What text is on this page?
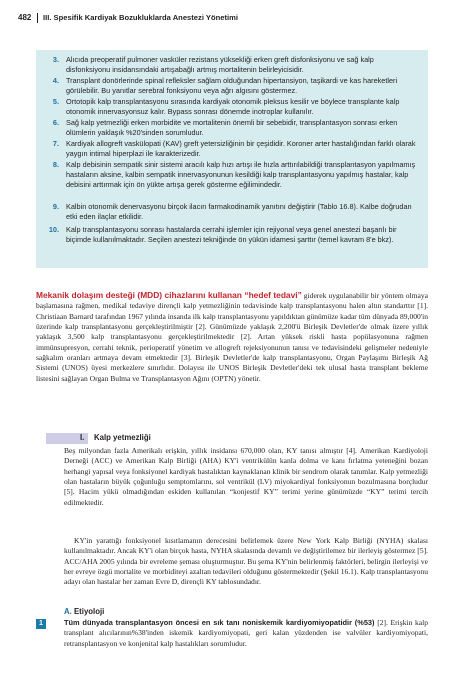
482 III. Spesifik Kardiyak Bozukluklarda Anestezi Yönetimi
3. Alıcıda preoperatif pulmoner vasküler rezistans yüksekliği erken greft disfonksiyonu ve sağ kalp disfonksiyonu insidansındaki artışabağlı artmış mortalitenin belirleyicisidir.
4. Transplant donörlerinde spinal refleksler sağlam olduğundan hipertansiyon, taşikardi ve kas hareketleri görülebilir. Bu yanıtlar serebral fonksiyonu veya ağrı algısını göstermez.
5. Ortotopik kalp transplantasyonu sırasında kardiyak otonomik pleksus kesilir ve böylece transplante kalp otonomik innervasyonsuz kalır. Bypass sonrası dönemde inotroplar kullanılır.
6. Sağ kalp yetmezliği erken morbidite ve mortalitenin önemli bir sebebidir, transplantasyon sonrası erken ölümlerin yaklaşık %20'sinden sorumludur.
7. Kardiyak allogreft vaskülopati (KAV) greft yetersizliğinin bir çeşididir. Koroner arter hastalığından farklı olarak yaygın intimal hiperplazi ile karakterizedir.
8. Kalp debisinin sempatik sinir sistemi aracılı kalp hızı artışı ile hızla arttırılabildiği transplantasyon yapılmamış hastaların aksine, kalbin sempatik innervasyonunun kesildiği kalp transplantasyonu yapılmış hastalar, kalp debisini arttırmak için ön yükte artışa gerek gösterme eğilimindedir.
9. Kalbin otonomik denervasyonu birçok ilacın farmakodinamik yanıtını değiştirir (Tablo 16.8). Kalbe doğrudan etki eden ilaçlar etkilidir.
10. Kalp transplantasyonu sonrası hastalarda cerrahi işlemler için rejiyonal veya genel anestezi başarılı bir biçimde kullanılmaktadır. Seçilen anestezi tekniğinde ön yükün idamesi şarttır (temel kavram 8'e bkz).

Mekanik dolaşım desteği (MDD) cihazlarını kullanan “hedef tedavi” giderek uygulanabilir bir yöntem olmaya başlamasına rağmen, medikal tedaviye dirençli kalp yetmezliğinin tedavisinde kalp transplantasyonu halen altın standarttır [1]. Christiaan Barnard tarafından 1967 yılında insanda ilk kalp transplantasyonu yapıldıktan günümüze kadar tüm dünyada 89,000'in üzerinde kalp transplantasyonu gerçekleştirilmiştir [2]. Günümüzde yaklaşık 2,200'ü Birleşik Devletler'de olmak üzere yıllık yaklaşık 3,500 kalp transplantasyonu gerçekleştirilmektedir [2]. Artan yüksek riskli hasta popülasyonuna rağmen immünsupresyon, cerrahi teknik, perioperatif yönetim ve allogreft rejeksiyonunun tanısı ve tedavisindeki gelişmeler nedeniyle sağkalım oranları artmaya devam etmektedir [3]. Birleşik Devletler'de kalp transplantasyonu, Organ Paylaşımı Birleşik Ağ Sistemi (UNOS) üyesi merkezlere sınırlıdır. Dolayısı ile UNOS Birleşik Devletler'deki tek ulusal hasta transplant bekleme listesini sağlayan Organ Bulma ve Transplantasyon Ağını (OPTN) yönetir.

I. Kalp yetmezliği

Beş milyondan fazla Amerikalı erişkin, yıllık insidansı 670,000 olan, KY tanısı almıştır [4]. Amerikan Kardiyoloji Derneği (ACC) ve Amerikan Kalp Birliği (AHA) KY'i ventrikülün kanla dolma ve kanı fırlatma yeteneğini bozan herhangi yapısal veya fonksiyonel kardiyak hastalıktan kaynaklanan klinik bir sendrom olarak tanımlar. Kalp yetmezliği olan hastaların büyük çoğunluğu semptomlarını, sol ventrikül (LV) miyokardiyal fonksiyonun bozulmasına borçludur [5]. Hacim yükü olmadığından eskiden kullanılan “konjestif KY” terimi yerine günümüzde “KY” terimi tercih edilmektedir.

KY'in yarattığı fonksiyonel kısıtlamanın derecesini belirlemek üzere New York Kalp Birliği (NYHA) skalası kullanılmaktadır. Ancak KY'i olan birçok hasta, NYHA skalasında devamlı ve değiştirilemez bir ilerleyiş göstermez [5]. ACC/AHA 2005 yılında bir evreleme şeması oluşturmuştur. Bu şema KY'nin belirlenmiş faktörleri, belirgin ilerleyişi ve her evreye özgü mortalite ve morbiditeyi azaltan tedavileri olduğunu göstermektedir (Şekil 16.1). Kalp transplantasyonu adayı olan hastalar her zaman Evre D, dirençli KY tablosundadır.

A. Etiyoloji
1	Tüm dünyada transplantasyon öncesi en sık tanı noniskemik kardiyomiyopatidir (%53) [2]. Erişkin kalp transplant alıcılarının%38'inden iskemik kardiyomiyopati, geri kalan yüzdenden ise valvüler kardiyomiyopati, retransplantasyon ve konjenital kalp hastalıkları sorumludur.
